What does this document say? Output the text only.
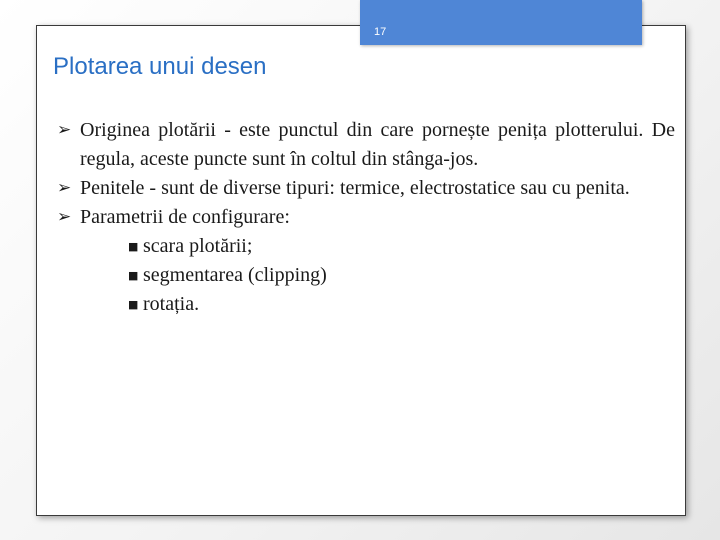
17
Plotarea unui desen
➢ Originea plotării - este punctul din care pornește penița plotterului. De regula, aceste puncte sunt în coltul din stânga-jos.
➢ Penitele - sunt de diverse tipuri: termice, electrostatice sau cu penita.
➢ Parametrii de configurare:
■ scara plotării;
■ segmentarea (clipping)
■ rotația.
